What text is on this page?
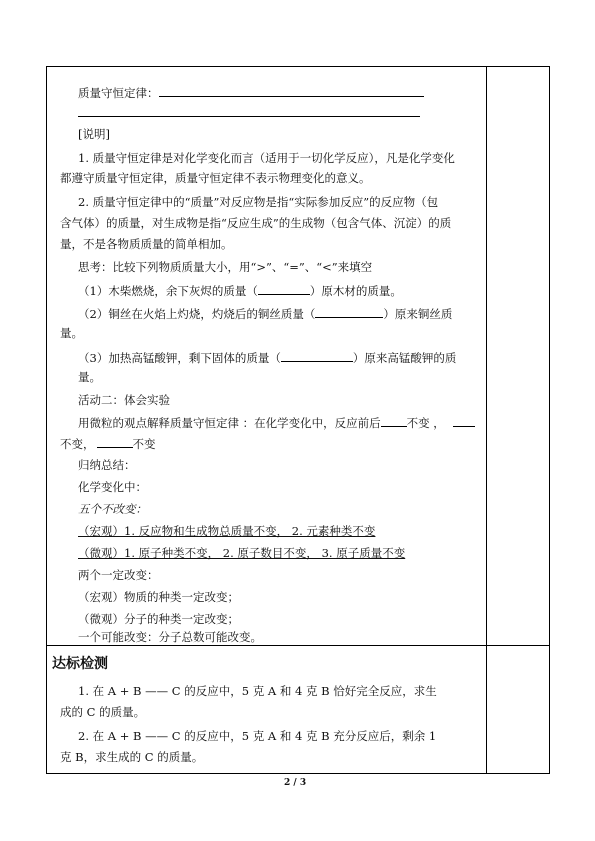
质量守恒定律：
[说明]
1. 质量守恒定律是对化学变化而言（适用于一切化学反应），凡是化学变化
都遵守质量守恒定律，质量守恒定律不表示物理变化的意义。
2. 质量守恒定律中的“质量”对反应物是指“实际参加反应”的反应物（包
含气体）的质量，对生成物是指“反应生成”的生成物（包含气体、沉淀）的质
量，不是各物质质量的简单相加。
思考：比较下列物质质量大小，用“>”、“=”、“<”来填空
（1）木柴燃烧，余下灰烬的质量（	）原木材的质量。
（2）铜丝在火焰上灼烧，灼烧后的铜丝质量（	）原来铜丝质
量。
（3）加热高锰酸钾，剩下固体的质量（	）原来高锰酸钾的质
量。
活动二：体会实验
用微粒的观点解释质量守恒定律 ：在化学变化中，反应前后 不变 ，
不变，	不变
归纳总结：
化学变化中：
五个不改变：
（宏观）1. 反应物和生成物总质量不变， 2. 元素种类不变
（微观）1. 原子种类不变， 2. 原子数目不变， 3. 原子质量不变
两个一定改变：
（宏观）物质的种类一定改变；
（微观）分子的种类一定改变；
一个可能改变：分子总数可能改变。
达标检测
1. 在 A + B —— C 的反应中，5 克 A 和 4 克 B 恰好完全反应，求生
成的 C 的质量。
2. 在 A + B —— C 的反应中，5 克 A 和 4 克 B 充分反应后，剩余 1
克 B，求生成的 C 的质量。
2 / 3
